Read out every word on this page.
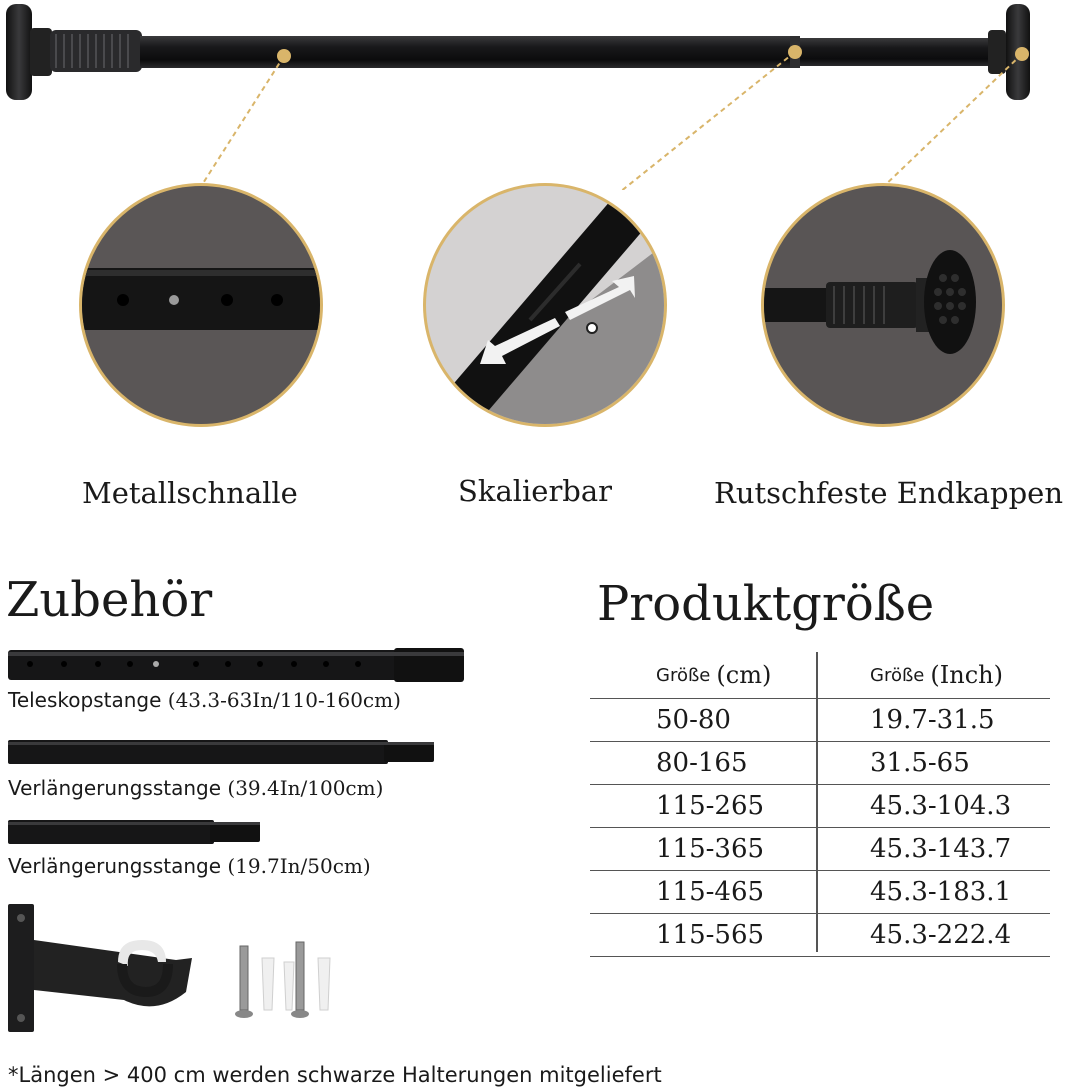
Metallschnalle	Skalierbar	Rutschfeste Endkappen
Zubehör
Teleskopstange (43.3-63In/110-160cm)
Verlängerungsstange (39.4In/100cm)
Verlängerungsstange (19.7In/50cm)
Produktgröße
Größe (cm)	Größe (Inch)
50-80	19.7-31.5
80-165	31.5-65
115-265	45.3-104.3
115-365	45.3-143.7
115-465	45.3-183.1
115-565	45.3-222.4
*Längen > 400 cm werden schwarze Halterungen mitgeliefert
